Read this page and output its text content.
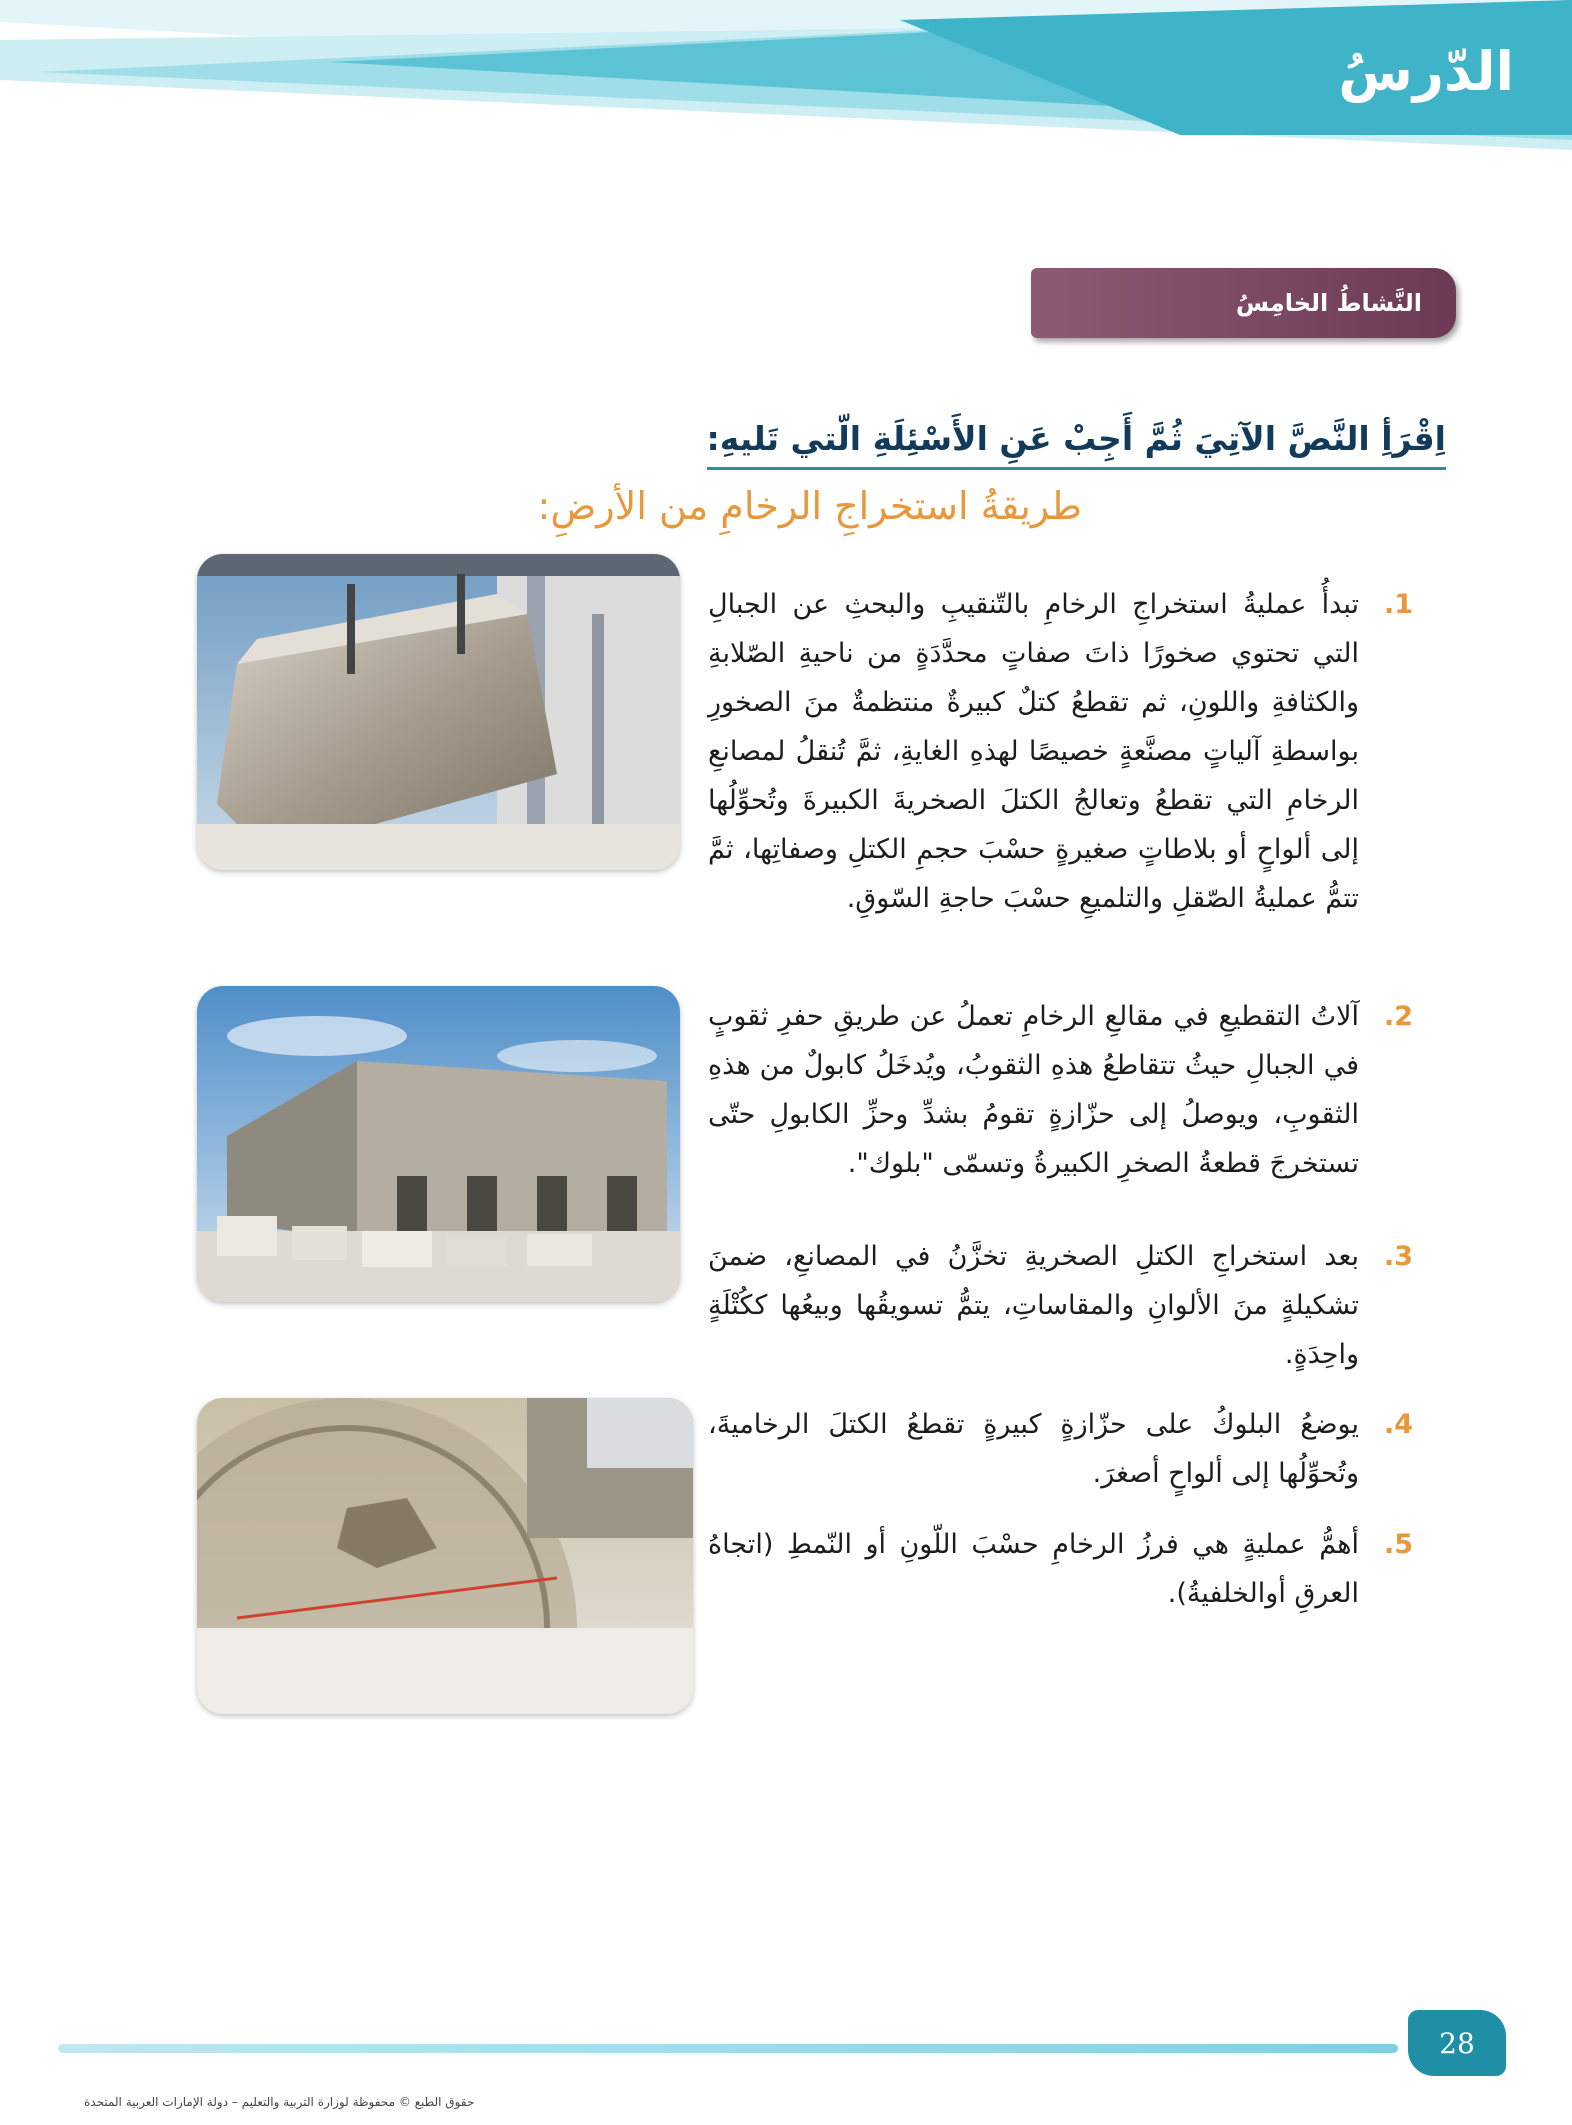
الدّرسُ
النَّشاطُ الخامِسُ
اِقْرَأِ النَّصَّ الآتِيَ ثُمَّ أَجِبْ عَنِ الأَسْئِلَةِ الّتي تَليهِ:
طريقةُ استخراجِ الرخامِ من الأرضِ:
1.
تبدأُ عمليةُ استخراجِ الرخامِ بالتّنقيبِ والبحثِ عن الجبالِ التي تحتوي صخورًا ذاتَ صفاتٍ محدَّدَةٍ من ناحيةِ الصّلابةِ والكثافةِ واللونِ، ثم تقطعُ كتلٌ كبيرةٌ منتظمةٌ منَ الصخورِ بواسطةِ آلياتٍ مصنَّعةٍ خصيصًا لهذهِ الغايةِ، ثمَّ تُنقلُ لمصانعِ الرخامِ التي تقطعُ وتعالجُ الكتلَ الصخريةَ الكبيرةَ وتُحوِّلُها إلى ألواحٍ أو بلاطاتٍ صغيرةٍ حسْبَ حجمِ الكتلِ وصفاتِها، ثمَّ تتمُّ عمليةُ الصّقلِ والتلميعِ حسْبَ حاجةِ السّوقِ.
2.
آلاتُ التقطيعِ في مقالعِ الرخامِ تعملُ عن طريقِ حفرِ ثقوبٍ في الجبالِ حيثُ تتقاطعُ هذهِ الثقوبُ، ويُدخَلُ كابولٌ من هذهِ الثقوبِ، ويوصلُ إلى حزّازةٍ تقومُ بشدِّ وحزِّ الكابولِ حتّى تستخرجَ قطعةُ الصخرِ الكبيرةُ وتسمّى "بلوك".
3.
بعد استخراجِ الكتلِ الصخريةِ تخزَّنُ في المصانعِ، ضمنَ تشكيلةٍ منَ الألوانِ والمقاساتِ، يتمُّ تسويقُها وبيعُها ككُتْلَةٍ واحِدَةٍ.
4.
يوضعُ البلوكُ على حزّازةٍ كبيرةٍ تقطعُ الكتلَ الرخاميةَ، وتُحوِّلُها إلى ألواحٍ أصغرَ.
5.
أهمُّ عمليةٍ هي فرزُ الرخامِ حسْبَ اللّونِ أو النّمطِ (اتجاهُ العرقِ أوالخلفيةُ).
28
حقوق الطبع © محفوظة لوزارة التربية والتعليم – دولة الإمارات العربية المتحدة
